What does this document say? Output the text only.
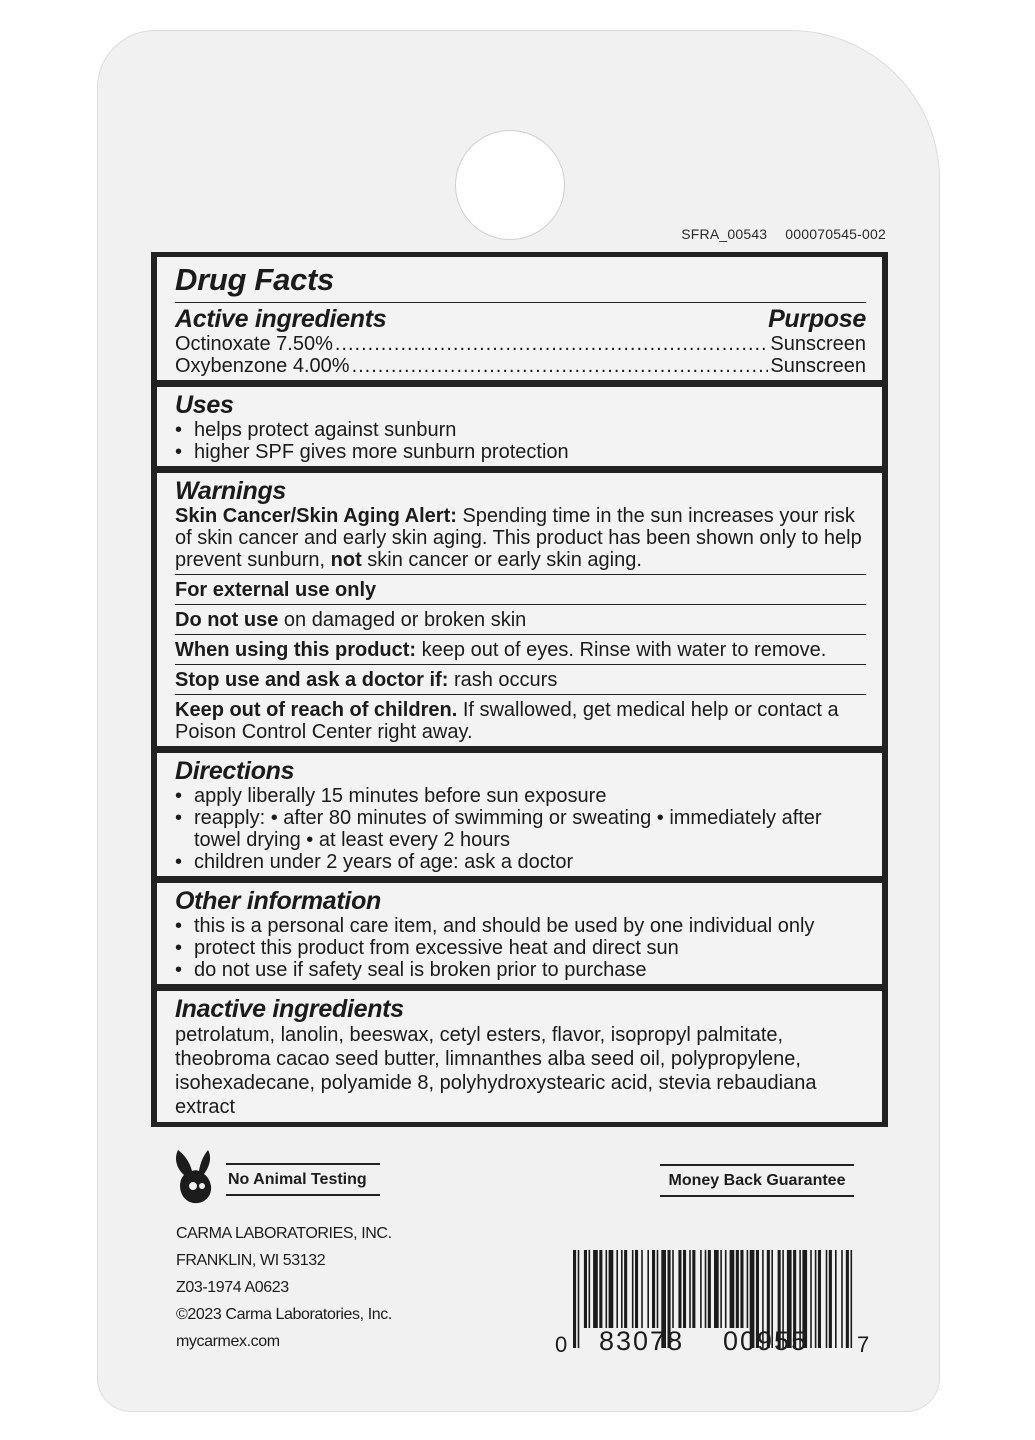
SFRA_00543 000070545-002
Drug Facts
Active ingredients	Purpose
Octinoxate 7.50% .....	Sunscreen
Oxybenzone 4.00% .....	Sunscreen
Uses
• helps protect against sunburn
• higher SPF gives more sunburn protection
Warnings
Skin Cancer/Skin Aging Alert: Spending time in the sun increases your risk of skin cancer and early skin aging. This product has been shown only to help prevent sunburn, not skin cancer or early skin aging.
For external use only
Do not use on damaged or broken skin
When using this product: keep out of eyes. Rinse with water to remove.
Stop use and ask a doctor if: rash occurs
Keep out of reach of children. If swallowed, get medical help or contact a Poison Control Center right away.
Directions
• apply liberally 15 minutes before sun exposure
• reapply: • after 80 minutes of swimming or sweating • immediately after towel drying • at least every 2 hours
• children under 2 years of age: ask a doctor
Other information
• this is a personal care item, and should be used by one individual only
• protect this product from excessive heat and direct sun
• do not use if safety seal is broken prior to purchase
Inactive ingredients
petrolatum, lanolin, beeswax, cetyl esters, flavor, isopropyl palmitate, theobroma cacao seed butter, limnanthes alba seed oil, polypropylene, isohexadecane, polyamide 8, polyhydroxystearic acid, stevia rebaudiana extract
No Animal Testing	Money Back Guarantee
CARMA LABORATORIES, INC.
FRANKLIN, WI 53132
Z03-1974 A0623
©2023 Carma Laboratories, Inc.
mycarmex.com	0 83078 00955 7
